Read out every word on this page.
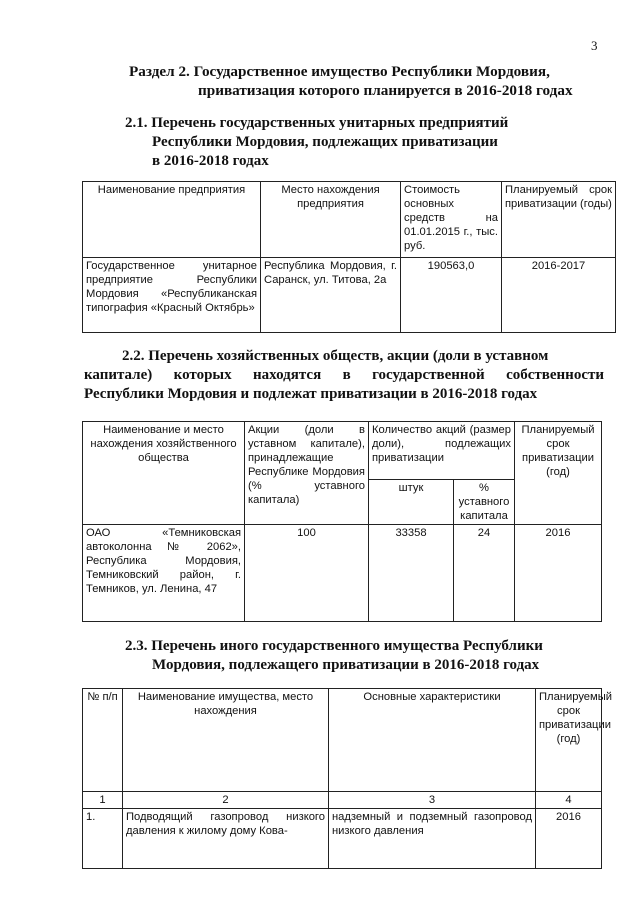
3
Раздел 2. Государственное имущество Республики Мордовия,
приватизация которого планируется в 2016-2018 годах
2.1. Перечень государственных унитарных предприятий
Республики Мордовия, подлежащих приватизации
в 2016-2018 годах
Наименование предприятия	Место нахождения предприятия	Стоимость основных средств на 01.01.2015 г., тыс. руб.	Планируемый срок приватизации (годы)
Государственное унитарное предприятие Республики Мордовия «Республиканская типография «Красный Октябрь»	Республика Мордовия, г. Саранск, ул. Титова, 2а	190563,0	2016-2017
2.2. Перечень хозяйственных обществ, акции (доли в уставном
капитале) которых находятся в государственной собственности
Республики Мордовия и подлежат приватизации в 2016-2018 годах
Наименование и место нахождения хозяйственного общества	Акции (доли в уставном капитале), принадлежащие Республике Мордовия (% уставного капитала)	Количество акций (размер доли), подлежащих приватизации		Планируемый срок приватизации (год)
		штук	% уставного капитала	
ОАО «Темниковская автоколонна № 2062», Республика Мордовия, Темниковский район, г. Темников, ул. Ленина, 47	100	33358	24	2016
2.3. Перечень иного государственного имущества Республики
Мордовия, подлежащего приватизации в 2016-2018 годах
№ п/п	Наименование имущества, место нахождения	Основные характеристики	Планируемый срок приватизации (год)
1	2	3	4
1.	Подводящий газопровод низкого давления к жилому дому Кова-	надземный и подземный газопровод низкого давления	2016
